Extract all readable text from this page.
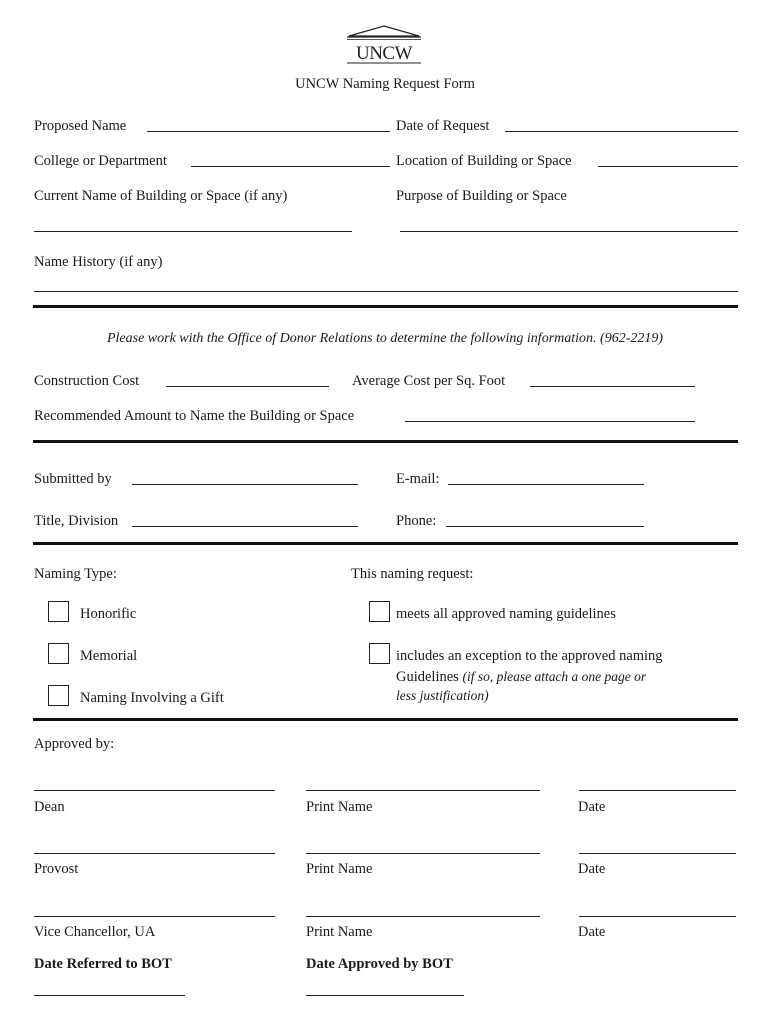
UNCW
UNCW Naming Request Form
Proposed Name	Date of Request
College or Department	Location of Building or Space
Current Name of Building or Space (if any)	Purpose of Building or Space
Name History (if any)
Please work with the Office of Donor Relations to determine the following information. (962-2219)
Construction Cost	Average Cost per Sq. Foot
Recommended Amount to Name the Building or Space
Submitted by	E-mail:
Title, Division	Phone:
Naming Type:	This naming request:
Honorific
Memorial
Naming Involving a Gift
meets all approved naming guidelines
includes an exception to the approved naming
Guidelines (if so, please attach a one page or
less justification)
Approved by:
Dean	Print Name	Date
Provost	Print Name	Date
Vice Chancellor, UA	Print Name	Date
Date Referred to BOT	Date Approved by BOT
